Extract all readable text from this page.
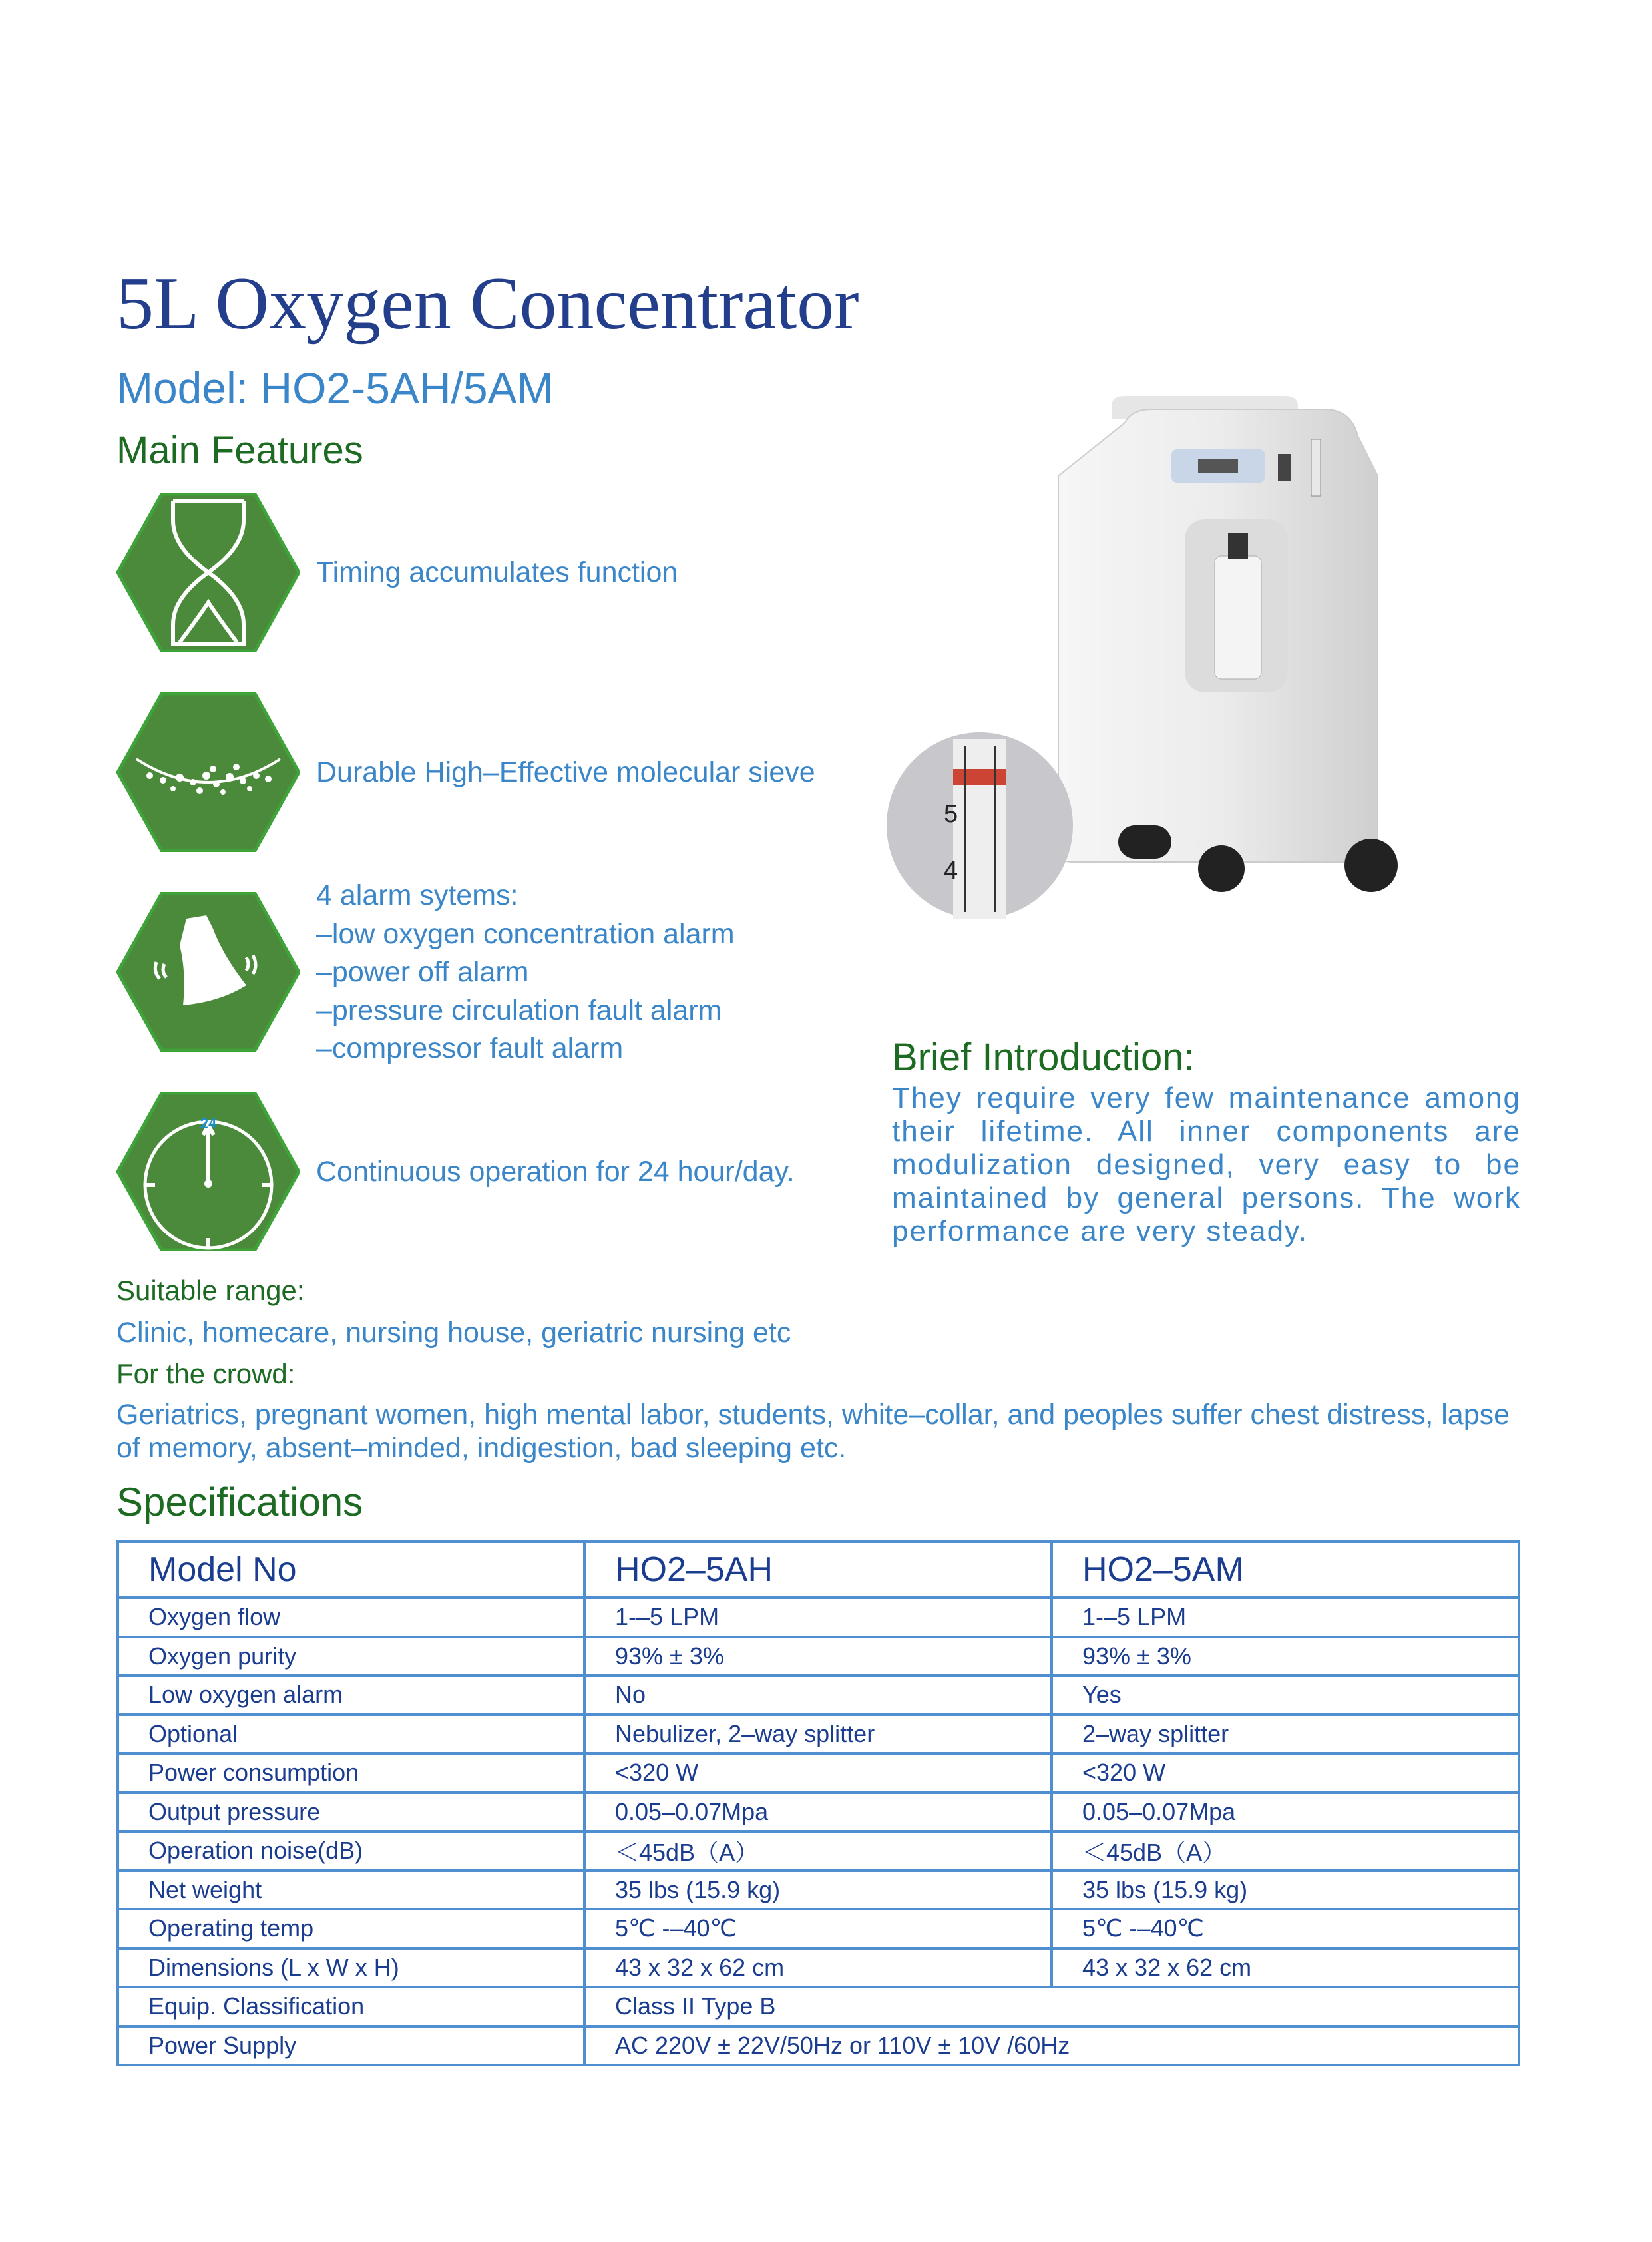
5L Oxygen Concentrator
Model: HO2-5AH/5AM
Main Features
24
Timing accumulates function
Durable High–Effective molecular sieve
4 alarm sytems:
–low oxygen concentration alarm
–power off alarm
–pressure circulation fault alarm
–compressor fault alarm
Continuous operation for 24 hour/day.
5
4
Brief Introduction:
They require very few maintenance among their lifetime. All inner components are modulization designed, very easy to be maintained by general persons. The work performance are very steady.
Suitable range:
Clinic, homecare, nursing house, geriatric nursing etc
For the crowd:
Geriatrics, pregnant women, high mental labor, students, white–collar, and peoples suffer chest distress, lapse of memory, absent–minded, indigestion, bad sleeping etc.
Specifications
Model No	HO2–5AH	HO2–5AM
Oxygen flow	1-–5 LPM	1-–5 LPM
Oxygen purity	93% ± 3%	93% ± 3%
Low oxygen alarm	No	Yes
Optional	Nebulizer, 2–way splitter	2–way splitter
Power consumption	<320 W	<320 W
Output pressure	0.05–0.07Mpa	0.05–0.07Mpa
Operation noise(dB)	＜45dB（A）	＜45dB（A）
Net weight	35 lbs (15.9 kg)	35 lbs (15.9 kg)
Operating temp	5℃ -–40℃	5℃ -–40℃
Dimensions (L x W x H)	43 x 32 x 62 cm	43 x 32 x 62 cm
Equip. Classification	Class II Type B	
Power Supply	AC 220V ± 22V/50Hz or 110V ± 10V /60Hz	
